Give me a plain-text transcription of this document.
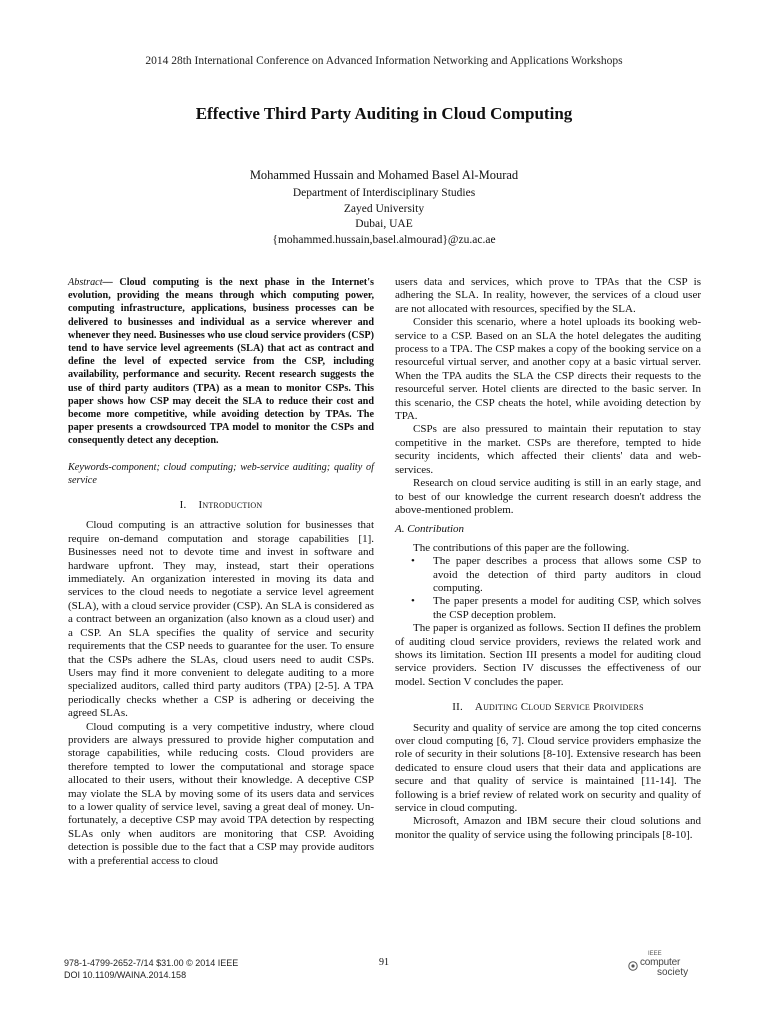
2014 28th International Conference on Advanced Information Networking and Applications Workshops
Effective Third Party Auditing in Cloud Computing
Mohammed Hussain and Mohamed Basel Al-Mourad
Department of Interdisciplinary Studies
Zayed University
Dubai, UAE
{mohammed.hussain,basel.almourad}@zu.ac.ae
Abstract— Cloud computing is the next phase in the Internet's evolution, providing the means through which computing power, computing infrastructure, applications, business processes can be delivered to businesses and individual as a service wherever and whenever they need. Businesses who use cloud service providers (CSP) tend to have service level agreements (SLA) that act as contract and define the level of expected service from the CSP, including availability, performance and security. Recent research suggests the use of third party auditors (TPA) as a mean to monitor CSPs. This paper shows how CSP may deceit the SLA to reduce their cost and become more competitive, while avoiding detection by TPAs. The paper presents a crowdsourced TPA model to monitor the CSPs and consequently detect any deception.
Keywords-component; cloud computing; web-service auditing; quality of service
I. Introduction

Cloud computing is an attractive solution for businesses that require on-demand computation and storage capabilities [1]. Businesses need not to devote time and invest in software and hardware upfront. They may, instead, start their operations immediately. An organization interested in moving its data and services to the cloud needs to negotiate a service level agreement (SLA), with a cloud service provider (CSP). An SLA is considered as a contract between an organization (also known as a cloud user) and a CSP. An SLA specifies the quality of service and security requirements that the CSP needs to guarantee for the user. To ensure that the CSPs adhere the SLAs, cloud users need to audit CSPs. Users may find it more convenient to delegate auditing to a more specialized auditors, called third party auditors (TPA) [2-5]. A TPA periodically checks whether a CSP is adhering or deceiving the agreed SLAs.

Cloud computing is a very competitive industry, where cloud providers are always pressured to provide higher computation and storage capabilities, while reducing costs. Cloud providers are therefore tempted to lower the computational and storage space allocated to their users, without their knowledge. A deceptive CSP may violate the SLA by moving some of its users data and services to a lower quality of service level, saving a great deal of money. Un-fortunately, a deceptive CSP may avoid TPA detection by respecting SLAs only when auditors are monitoring that CSP. Avoiding detection is possible due to the fact that a CSP may provide auditors with a preferential access to cloud

users data and services, which prove to TPAs that the CSP is adhering the SLA. In reality, however, the services of a cloud user are not allocated with resources, specified by the SLA.

Consider this scenario, where a hotel uploads its booking web-service to a CSP. Based on an SLA the hotel delegates the auditing process to a TPA. The CSP makes a copy of the booking service on a resourceful virtual server, and another copy at a basic virtual server. When the TPA audits the SLA the CSP directs their requests to the resourceful server. Hotel clients are directed to the basic server. In this scenario, the CSP cheats the hotel, while avoiding detection by TPA.

CSPs are also pressured to maintain their reputation to stay competitive in the market. CSPs are therefore, tempted to hide security incidents, which affected their clients' data and web-services.

Research on cloud service auditing is still in an early stage, and to best of our knowledge the current research doesn't address the above-mentioned problem.

A. Contribution

The contributions of this paper are the following.

• The paper describes a process that allows some CSP to avoid the detection of third party auditors in cloud computing.
• The paper presents a model for auditing CSP, which solves the CSP deception problem.

The paper is organized as follows. Section II defines the problem of auditing cloud service providers, reviews the related work and shows its limitation. Section III presents a model for auditing cloud service providers. Section IV discusses the effectiveness of our model. Section V concludes the paper.

II. Auditing Cloud Service Proividers

Security and quality of service are among the top cited concerns over cloud computing [6, 7]. Cloud service providers emphasize the role of security in their solutions [8-10]. Extensive research has been dedicated to ensure cloud users that their data and applications are secure and that quality of service is maintained [11-14]. The following is a brief review of related work on security and quality of service in cloud computing.

Microsoft, Amazon and IBM secure their cloud solutions and monitor the quality of service using the following principals [8-10].

978-1-4799-2652-7/14 $31.00 © 2014 IEEE
DOI 10.1109/WAINA.2014.158
91
IEEE
computer
society
